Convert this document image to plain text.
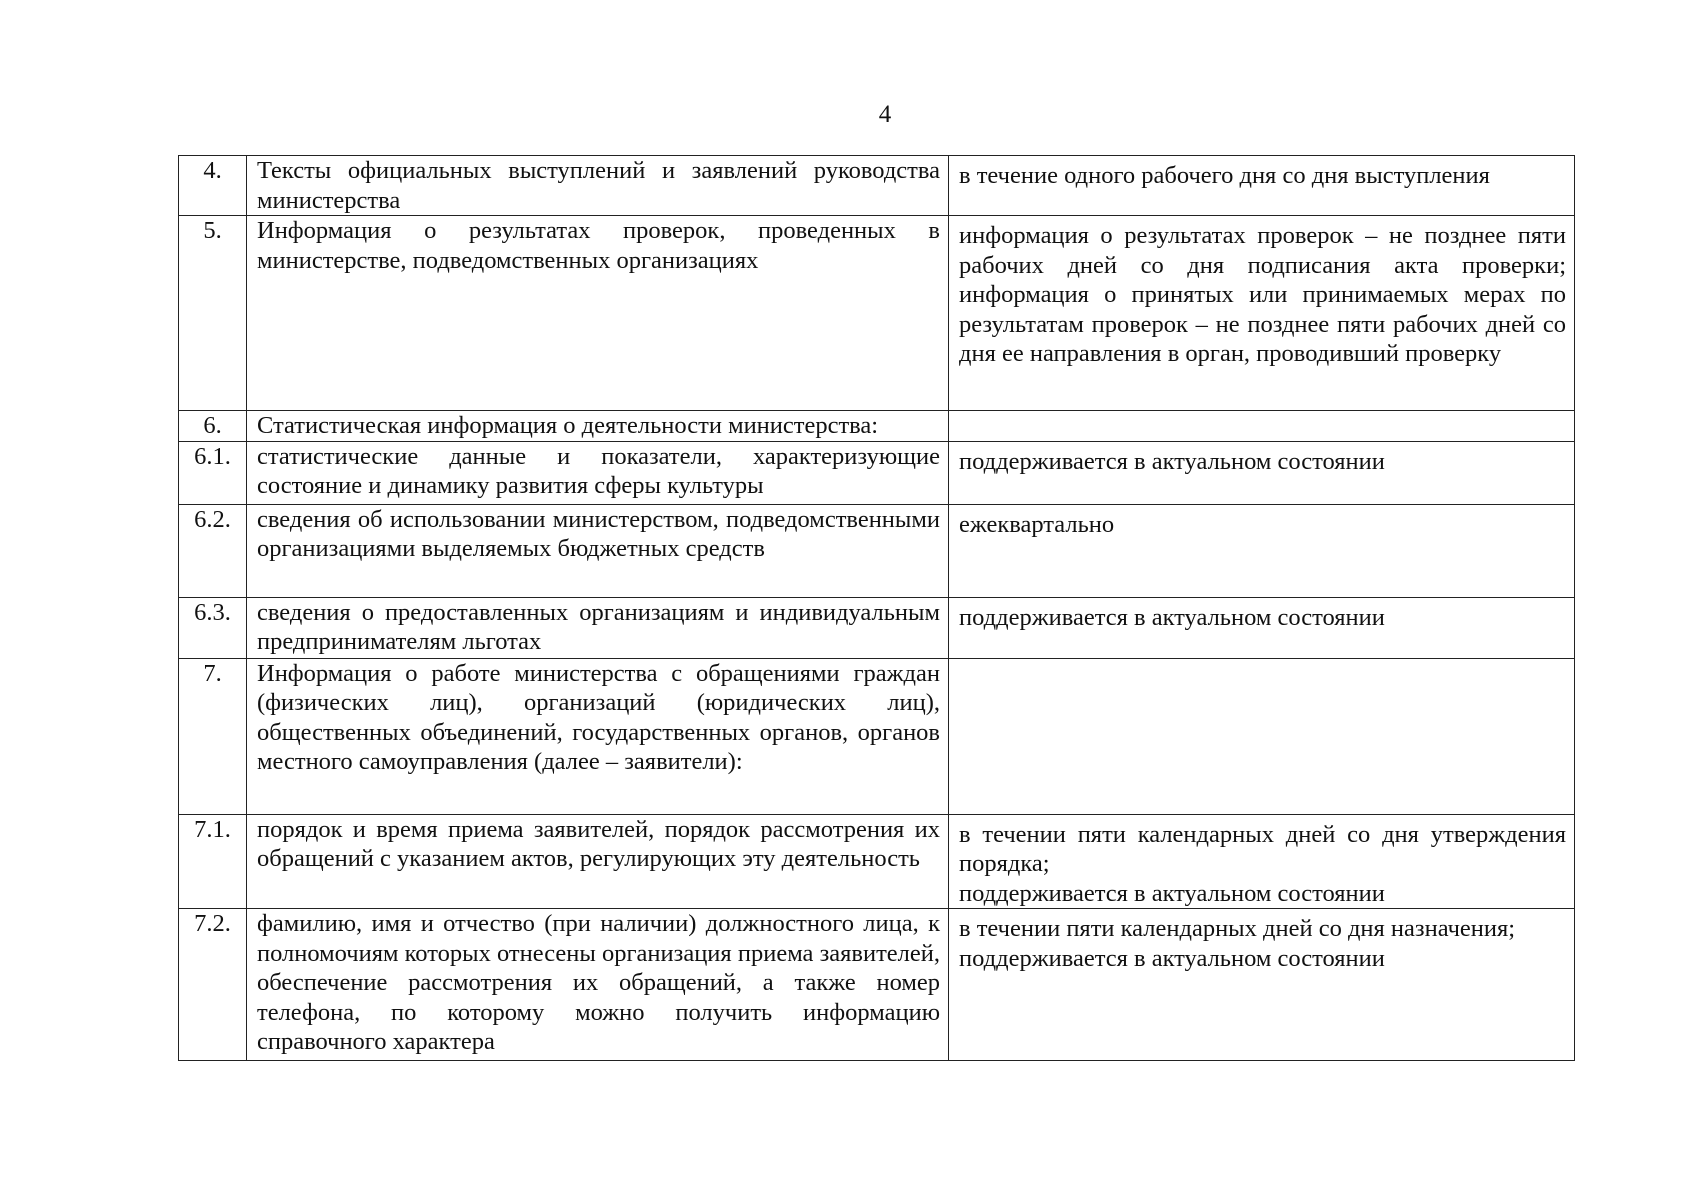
4
4.	Тексты официальных выступлений и заявлений руководства министерства	в течение одного рабочего дня со дня выступления

5.	Информация о результатах проверок, проведенных в министерстве, подведомственных организациях	информация о результатах проверок – не позднее пяти рабочих дней со дня подписания акта проверки; информация о принятых или принимаемых мерах по результатам проверок – не позднее пяти рабочих дней со дня ее направления в орган, проводивший проверку

6.	Статистическая информация о деятельности министерства:	

6.1.	статистические данные и показатели, характеризующие состояние и динамику развития сферы культуры	поддерживается в актуальном состоянии

6.2.	сведения об использовании министерством, подведомственными организациями выделяемых бюджетных средств	ежеквартально

6.3.	сведения о предоставленных организациям и индивидуальным предпринимателям льготах	поддерживается в актуальном состоянии

7.	Информация о работе министерства с обращениями граждан (физических лиц), организаций (юридических лиц), общественных объединений, государственных органов, органов местного самоуправления (далее – заявители):	

7.1.	порядок и время приема заявителей, порядок рассмотрения их обращений с указанием актов, регулирующих эту деятельность	в течении пяти календарных дней со дня утверждения порядка;
поддерживается в актуальном состоянии

7.2.	фамилию, имя и отчество (при наличии) должностного лица, к полномочиям которых отнесены организация приема заявителей, обеспечение рассмотрения их обращений, а также номер телефона, по которому можно получить информацию справочного характера	в течении пяти календарных дней со дня назначения;
поддерживается в актуальном состоянии
